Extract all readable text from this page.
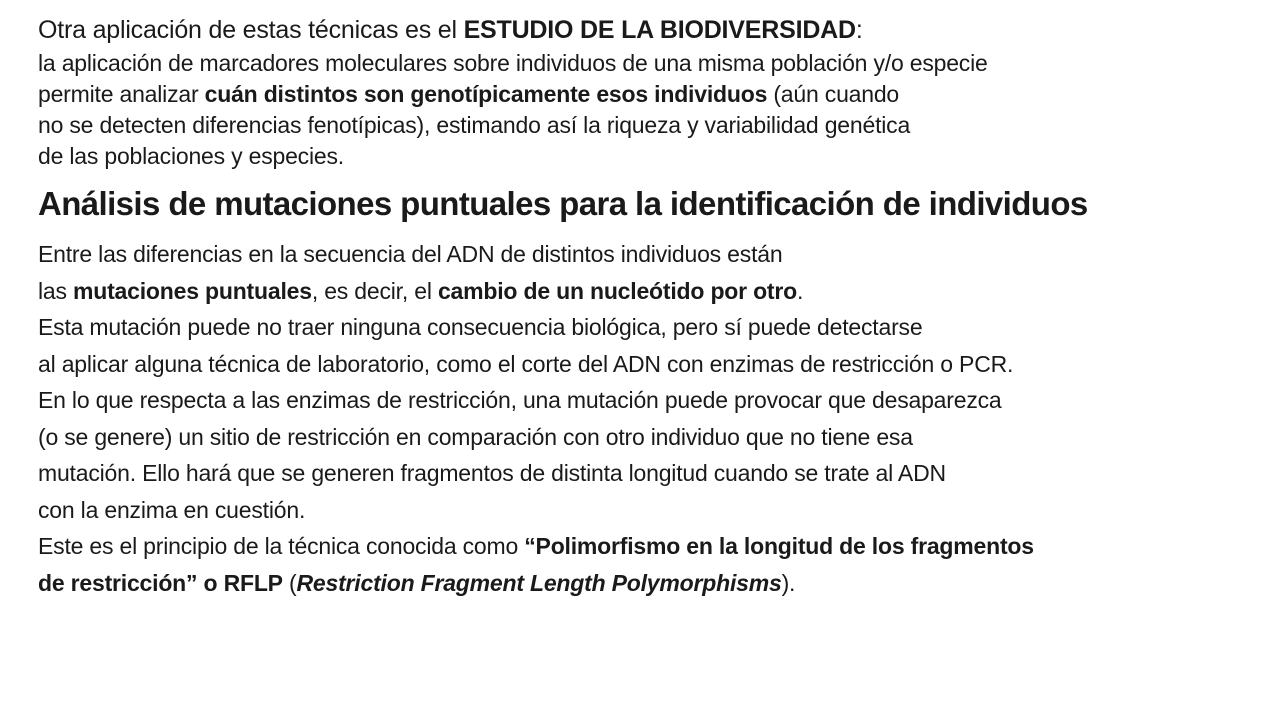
Otra aplicación de estas técnicas es el ESTUDIO DE LA BIODIVERSIDAD:
la aplicación de marcadores moleculares sobre individuos de una misma población y/o especie
permite analizar cuán distintos son genotípicamente esos individuos (aún cuando
no se detecten diferencias fenotípicas), estimando así la riqueza y variabilidad genética
de las poblaciones y especies.

Análisis de mutaciones puntuales para la identificación de individuos

Entre las diferencias en la secuencia del ADN de distintos individuos están
las mutaciones puntuales, es decir, el cambio de un nucleótido por otro.
Esta mutación puede no traer ninguna consecuencia biológica, pero sí puede detectarse
al aplicar alguna técnica de laboratorio, como el corte del ADN con enzimas de restricción o PCR.
En lo que respecta a las enzimas de restricción, una mutación puede provocar que desaparezca
(o se genere) un sitio de restricción en comparación con otro individuo que no tiene esa
mutación. Ello hará que se generen fragmentos de distinta longitud cuando se trate al ADN
con la enzima en cuestión.
Este es el principio de la técnica conocida como “Polimorfismo en la longitud de los fragmentos
de restricción” o RFLP (Restriction Fragment Length Polymorphisms).
